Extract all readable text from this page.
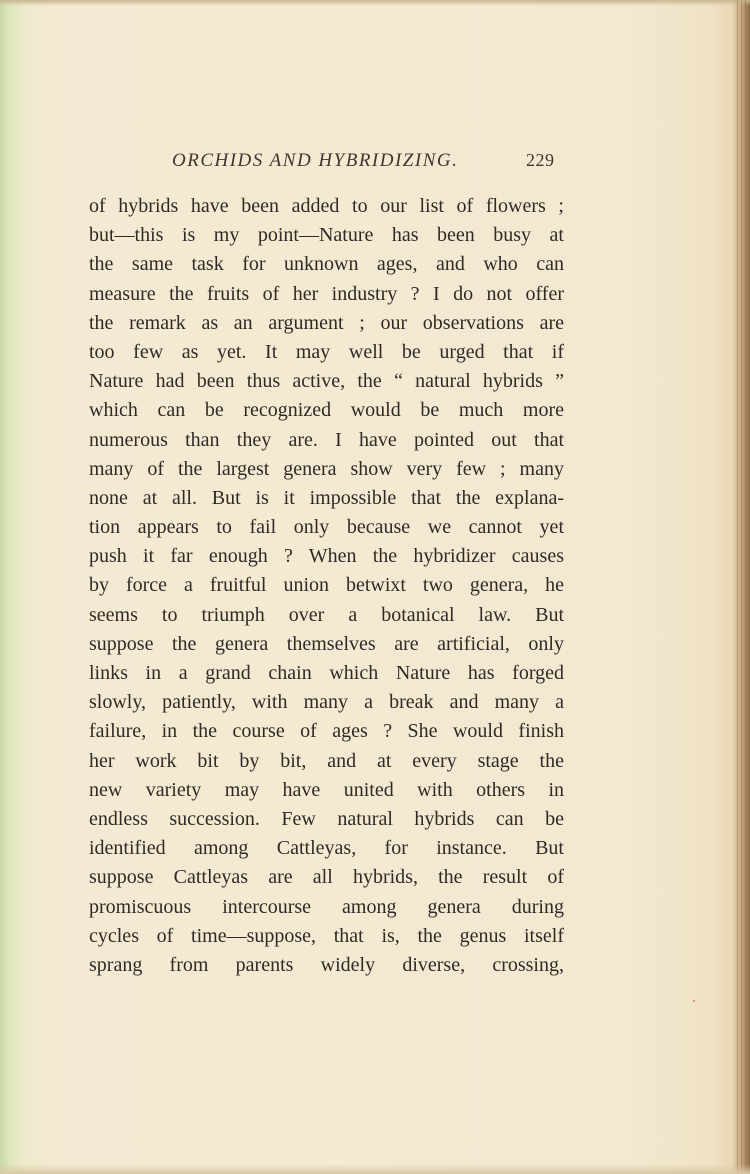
ORCHIDS AND HYBRIDIZING.	229
of hybrids have been added to our list of flowers ;
but—this is my point—Nature has been busy at
the same task for unknown ages, and who can
measure the fruits of her industry ? I do not offer
the remark as an argument ; our observations are
too few as yet. It may well be urged that if
Nature had been thus active, the “ natural hybrids ”
which can be recognized would be much more
numerous than they are. I have pointed out that
many of the largest genera show very few ; many
none at all. But is it impossible that the explana-
tion appears to fail only because we cannot yet
push it far enough ? When the hybridizer causes
by force a fruitful union betwixt two genera, he
seems to triumph over a botanical law. But
suppose the genera themselves are artificial, only
links in a grand chain which Nature has forged
slowly, patiently, with many a break and many a
failure, in the course of ages ? She would finish
her work bit by bit, and at every stage the
new variety may have united with others in
endless succession. Few natural hybrids can be
identified among Cattleyas, for instance. But
suppose Cattleyas are all hybrids, the result of
promiscuous intercourse among genera during
cycles of time—suppose, that is, the genus itself
sprang from parents widely diverse, crossing,
